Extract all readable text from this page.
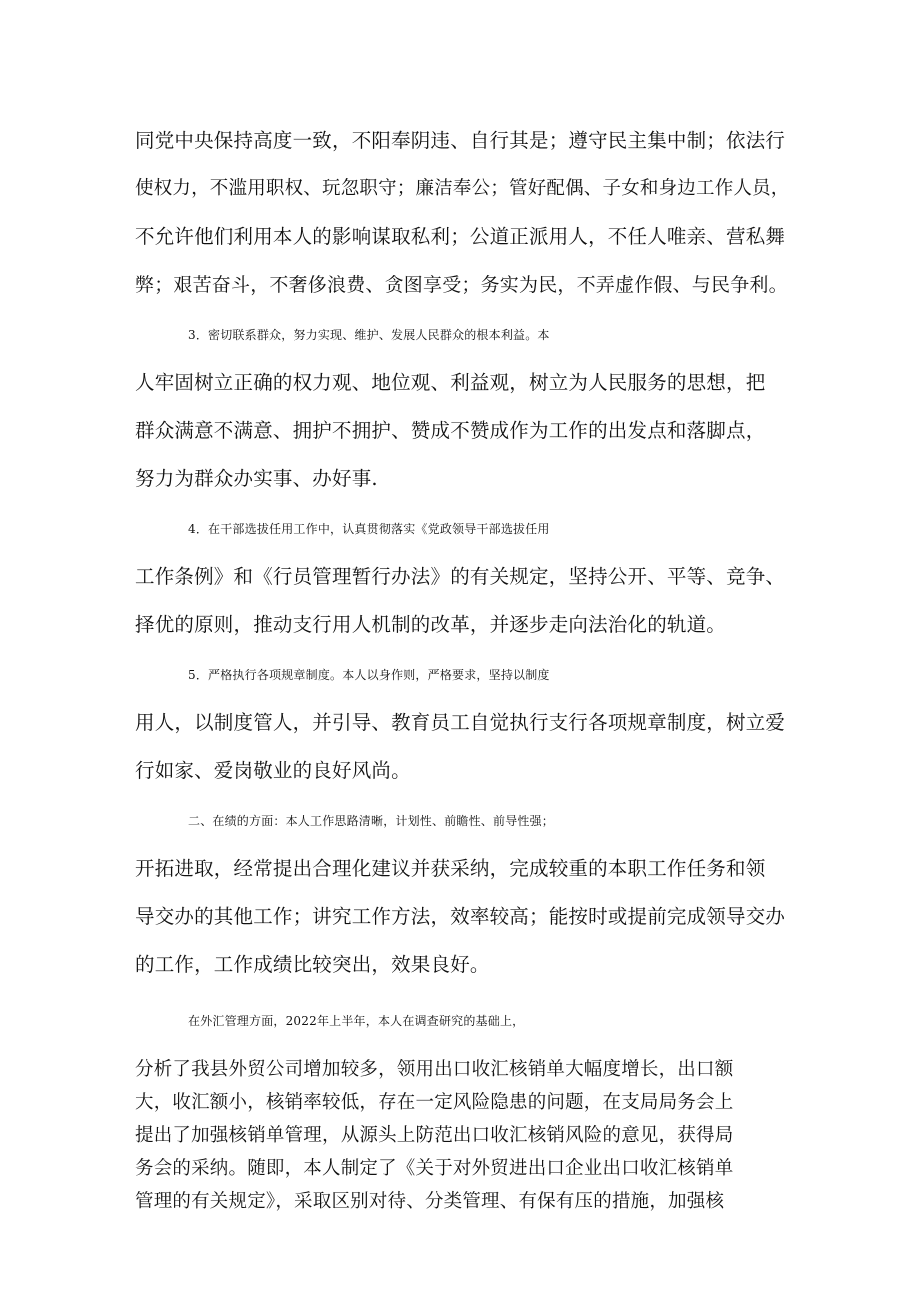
同党中央保持高度一致，不阳奉阴违、自行其是；遵守民主集中制；依法行
使权力，不滥用职权、玩忽职守；廉洁奉公；管好配偶、子女和身边工作人员，
不允许他们利用本人的影响谋取私利；公道正派用人，不任人唯亲、营私舞
弊；艰苦奋斗，不奢侈浪费、贪图享受；务实为民，不弄虚作假、与民争利。
3．密切联系群众，努力实现、维护、发展人民群众的根本利益。本
人牢固树立正确的权力观、地位观、利益观，树立为人民服务的思想，把
群众满意不满意、拥护不拥护、赞成不赞成作为工作的出发点和落脚点，
努力为群众办实事、办好事.
4．在干部选拔任用工作中，认真贯彻落实《党政领导干部选拔任用
工作条例》和《行员管理暂行办法》的有关规定，坚持公开、平等、竞争、
择优的原则，推动支行用人机制的改革，并逐步走向法治化的轨道。
5．严格执行各项规章制度。本人以身作则，严格要求，坚持以制度
用人，以制度管人，并引导、教育员工自觉执行支行各项规章制度，树立爱
行如家、爱岗敬业的良好风尚。
二、在绩的方面：本人工作思路清晰，计划性、前瞻性、前导性强；
开拓进取，经常提出合理化建议并获采纳，完成较重的本职工作任务和领
导交办的其他工作；讲究工作方法，效率较高；能按时或提前完成领导交办
的工作，工作成绩比较突出，效果良好。
在外汇管理方面，2022年上半年，本人在调查研究的基础上，
分析了我县外贸公司增加较多，领用出口收汇核销单大幅度增长，出口额
大，收汇额小，核销率较低，存在一定风险隐患的问题，在支局局务会上
提出了加强核销单管理，从源头上防范出口收汇核销风险的意见，获得局
务会的采纳。随即，本人制定了《关于对外贸进出口企业出口收汇核销单
管理的有关规定》，采取区别对待、分类管理、有保有压的措施，加强核
